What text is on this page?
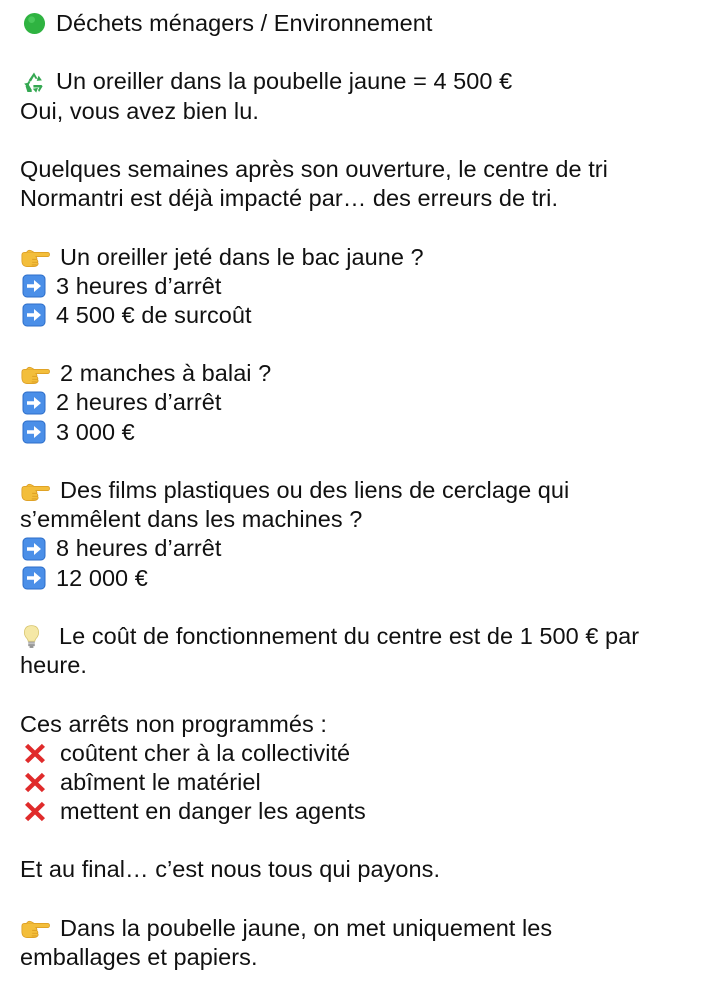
Déchets ménagers / Environnement
Un oreiller dans la poubelle jaune = 4 500 €
Oui, vous avez bien lu.
Quelques semaines après son ouverture, le centre de tri
Normantri est déjà impacté par… des erreurs de tri.
Un oreiller jeté dans le bac jaune ?
3 heures d’arrêt
4 500 € de surcoût
2 manches à balai ?
2 heures d’arrêt
3 000 €
Des films plastiques ou des liens de cerclage qui
s’emmêlent dans les machines ?
8 heures d’arrêt
12 000 €
Le coût de fonctionnement du centre est de 1 500 € par
heure.
Ces arrêts non programmés :
coûtent cher à la collectivité
abîment le matériel
mettent en danger les agents
Et au final… c’est nous tous qui payons.
Dans la poubelle jaune, on met uniquement les
emballages et papiers.
